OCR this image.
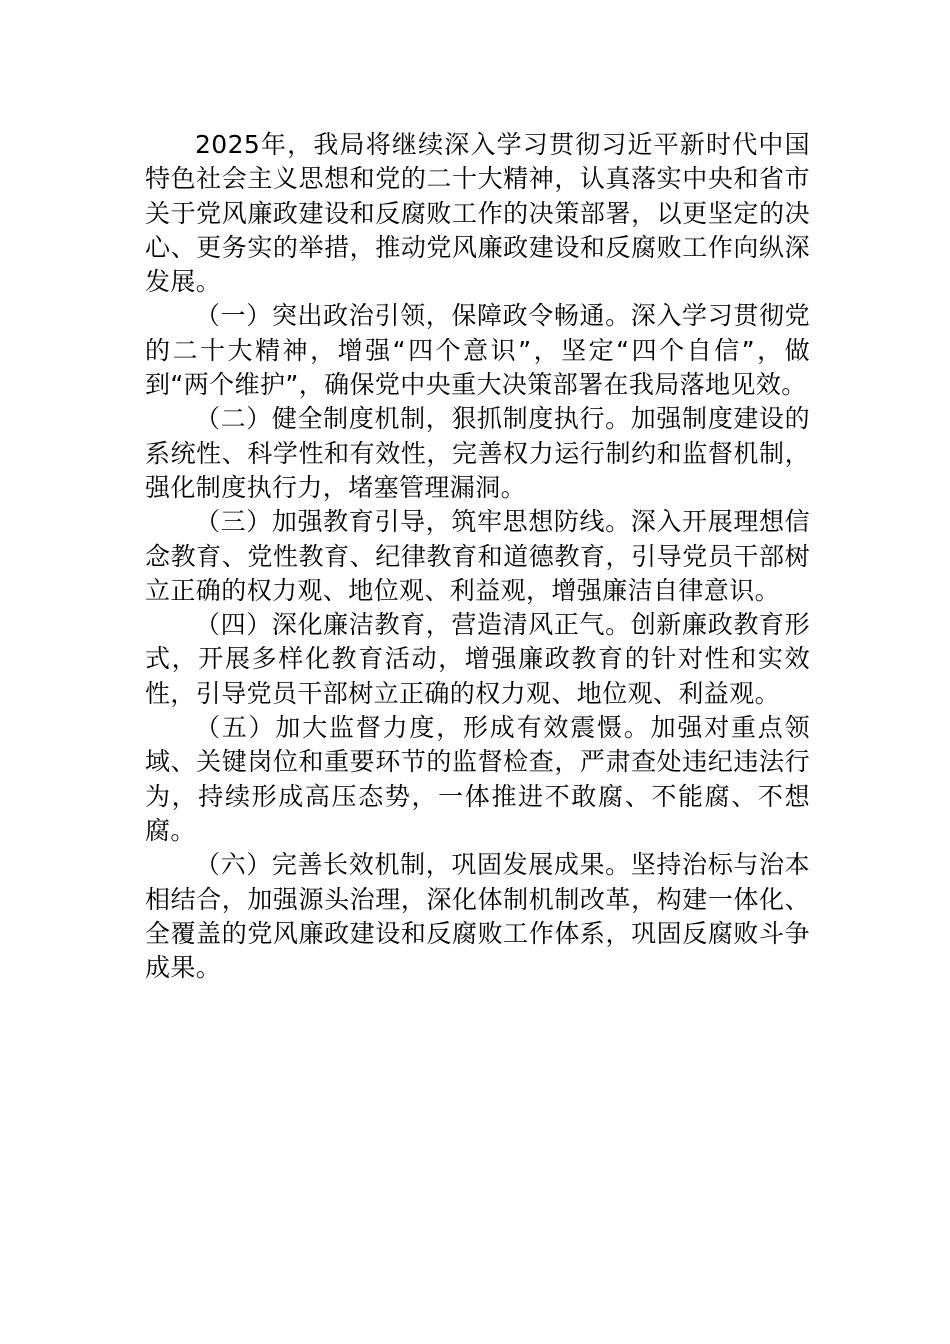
2025年，我局将继续深入学习贯彻习近平新时代中国特色社会主义思想和党的二十大精神，认真落实中央和省市关于党风廉政建设和反腐败工作的决策部署，以更坚定的决心、更务实的举措，推动党风廉政建设和反腐败工作向纵深发展。

（一）突出政治引领，保障政令畅通。深入学习贯彻党的二十大精神，增强“四个意识”，坚定“四个自信”，做到“两个维护”，确保党中央重大决策部署在我局落地见效。

（二）健全制度机制，狠抓制度执行。加强制度建设的系统性、科学性和有效性，完善权力运行制约和监督机制，强化制度执行力，堵塞管理漏洞。

（三）加强教育引导，筑牢思想防线。深入开展理想信念教育、党性教育、纪律教育和道德教育，引导党员干部树立正确的权力观、地位观、利益观，增强廉洁自律意识。

（四）深化廉洁教育，营造清风正气。创新廉政教育形式，开展多样化教育活动，增强廉政教育的针对性和实效性，引导党员干部树立正确的权力观、地位观、利益观。

（五）加大监督力度，形成有效震慑。加强对重点领域、关键岗位和重要环节的监督检查，严肃查处违纪违法行为，持续形成高压态势，一体推进不敢腐、不能腐、不想腐。

（六）完善长效机制，巩固发展成果。坚持治标与治本相结合，加强源头治理，深化体制机制改革，构建一体化、全覆盖的党风廉政建设和反腐败工作体系，巩固反腐败斗争成果。
